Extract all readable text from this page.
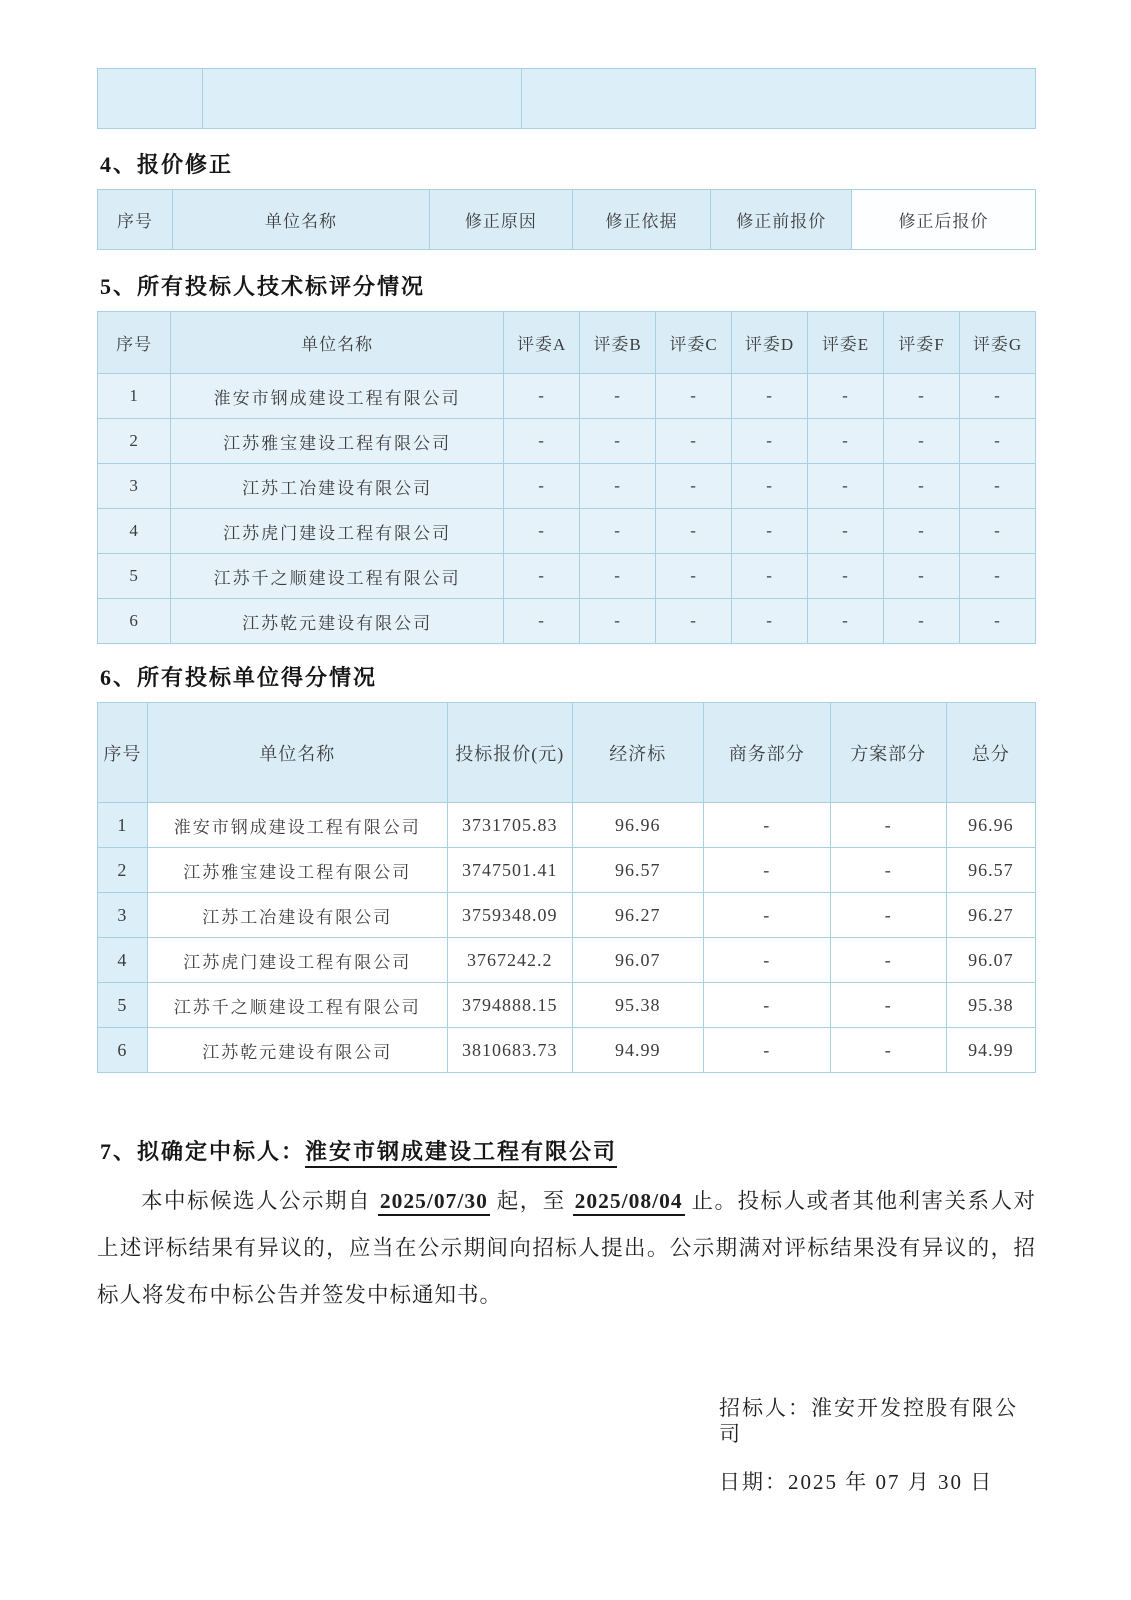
4、报价修正
序号	单位名称	修正原因	修正依据	修正前报价	修正后报价
5、所有投标人技术标评分情况
序号	单位名称	评委A	评委B	评委C	评委D	评委E	评委F	评委G
1	淮安市钢成建设工程有限公司	-	-	-	-	-	-	-
2	江苏雅宝建设工程有限公司	-	-	-	-	-	-	-
3	江苏工冶建设有限公司	-	-	-	-	-	-	-
4	江苏虎门建设工程有限公司	-	-	-	-	-	-	-
5	江苏千之顺建设工程有限公司	-	-	-	-	-	-	-
6	江苏乾元建设有限公司	-	-	-	-	-	-	-
6、所有投标单位得分情况
序号	单位名称	投标报价(元)	经济标	商务部分	方案部分	总分
1	淮安市钢成建设工程有限公司	3731705.83	96.96	-	-	96.96
2	江苏雅宝建设工程有限公司	3747501.41	96.57	-	-	96.57
3	江苏工冶建设有限公司	3759348.09	96.27	-	-	96.27
4	江苏虎门建设工程有限公司	3767242.2	96.07	-	-	96.07
5	江苏千之顺建设工程有限公司	3794888.15	95.38	-	-	95.38
6	江苏乾元建设有限公司	3810683.73	94.99	-	-	94.99
7、拟确定中标人：淮安市钢成建设工程有限公司

本中标候选人公示期自 2025/07/30 起，至 2025/08/04 止。投标人或者其他利害关系人对上述评标结果有异议的，应当在公示期间向招标人提出。公示期满对评标结果没有异议的，招标人将发布中标公告并签发中标通知书。

招标人：淮安开发控股有限公司

日期：2025 年 07 月 30 日
